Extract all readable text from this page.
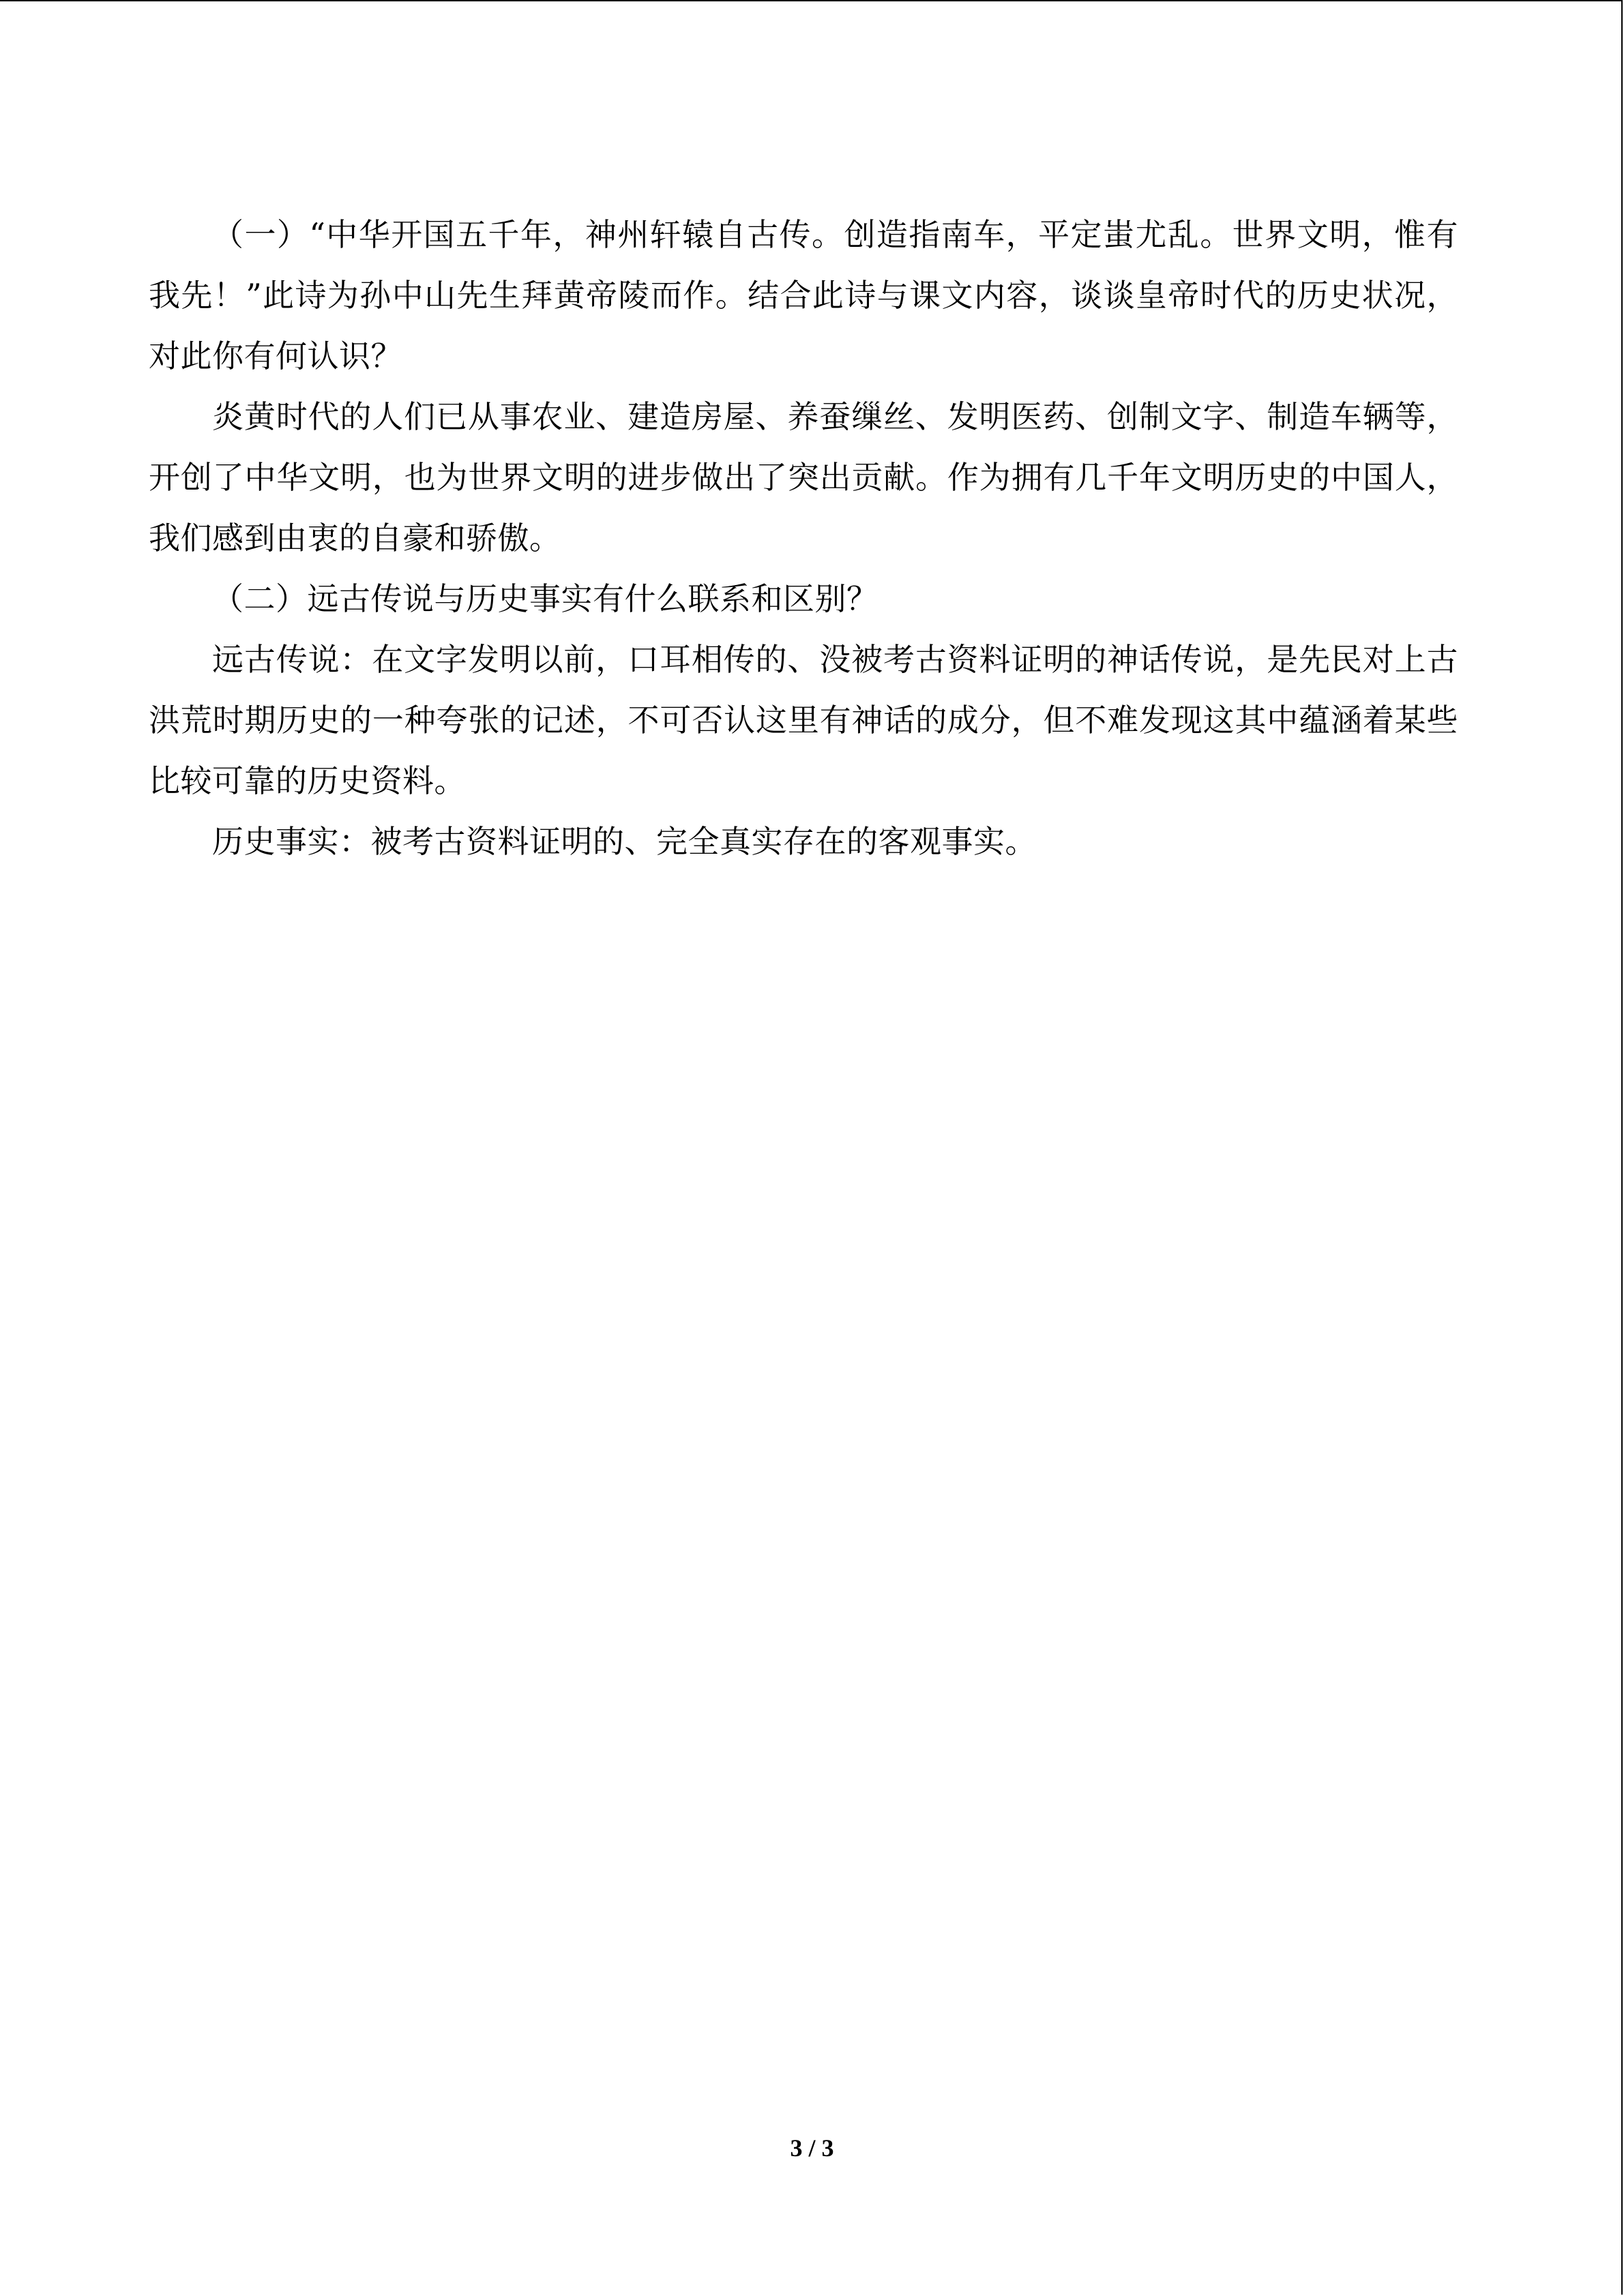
（一）“中华开国五千年，神州轩辕自古传。创造指南车，平定蚩尤乱。世界文明，惟有我先！”此诗为孙中山先生拜黄帝陵而作。结合此诗与课文内容，谈谈皇帝时代的历史状况，对此你有何认识？

炎黄时代的人们已从事农业、建造房屋、养蚕缫丝、发明医药、创制文字、制造车辆等，开创了中华文明，也为世界文明的进步做出了突出贡献。作为拥有几千年文明历史的中国人，我们感到由衷的自豪和骄傲。

（二）远古传说与历史事实有什么联系和区别？

远古传说：在文字发明以前，口耳相传的、没被考古资料证明的神话传说，是先民对上古洪荒时期历史的一种夸张的记述，不可否认这里有神话的成分，但不难发现这其中蕴涵着某些比较可靠的历史资料。

历史事实：被考古资料证明的、完全真实存在的客观事实。

3 / 3
